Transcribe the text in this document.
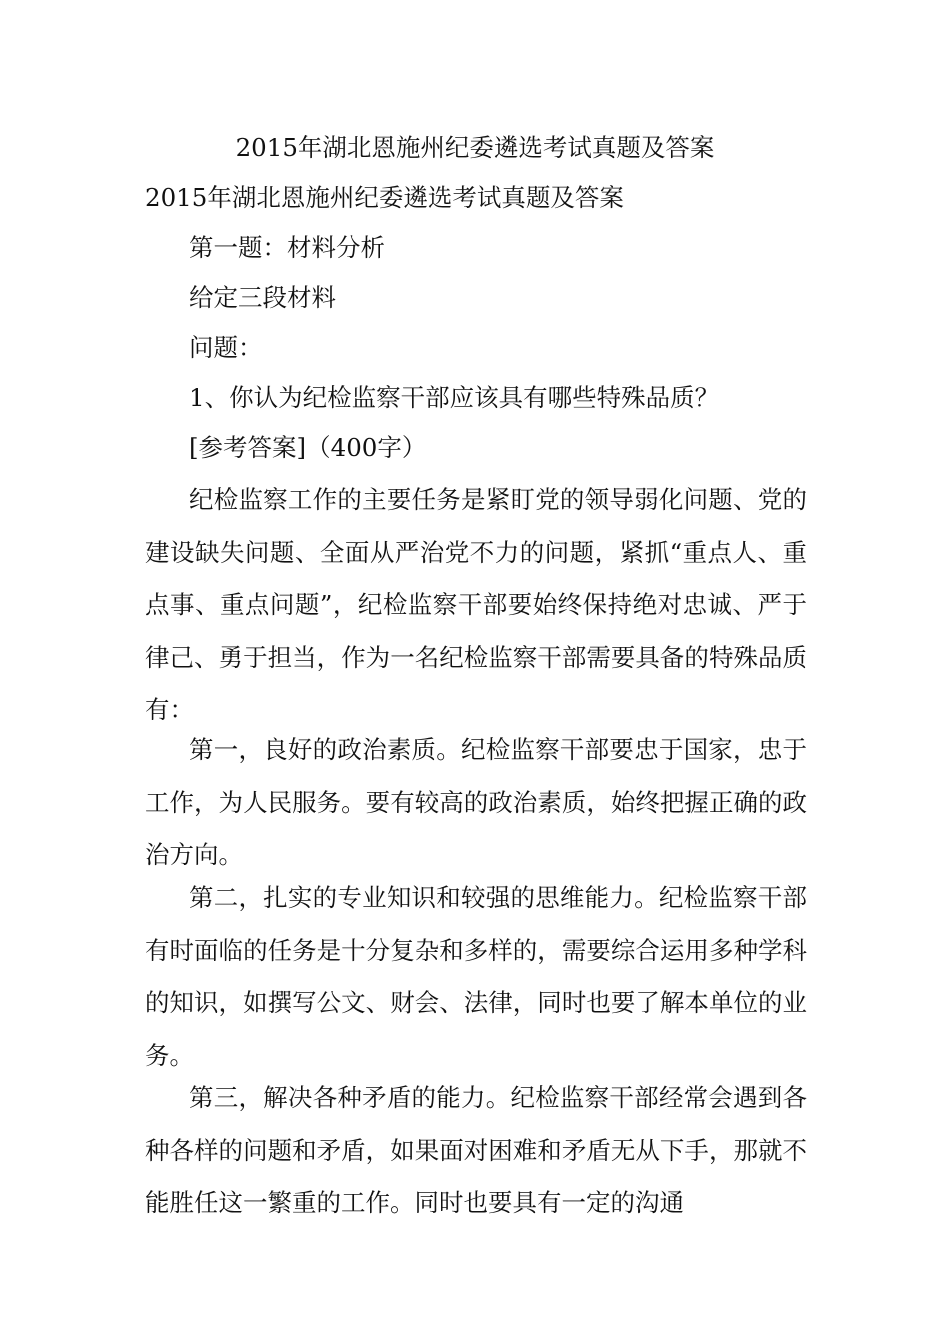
2015年湖北恩施州纪委遴选考试真题及答案
2015年湖北恩施州纪委遴选考试真题及答案
第一题：材料分析
给定三段材料
问题：
1、你认为纪检监察干部应该具有哪些特殊品质？
[参考答案]（400字）

纪检监察工作的主要任务是紧盯党的领导弱化问题、党的建设缺失问题、全面从严治党不力的问题，紧抓“重点人、重点事、重点问题”，纪检监察干部要始终保持绝对忠诚、严于律己、勇于担当，作为一名纪检监察干部需要具备的特殊品质有：

第一，良好的政治素质。纪检监察干部要忠于国家，忠于工作，为人民服务。要有较高的政治素质，始终把握正确的政治方向。

第二，扎实的专业知识和较强的思维能力。纪检监察干部有时面临的任务是十分复杂和多样的，需要综合运用多种学科的知识，如撰写公文、财会、法律，同时也要了解本单位的业务。

第三，解决各种矛盾的能力。纪检监察干部经常会遇到各种各样的问题和矛盾，如果面对困难和矛盾无从下手，那就不能胜任这一繁重的工作。同时也要具有一定的沟通
